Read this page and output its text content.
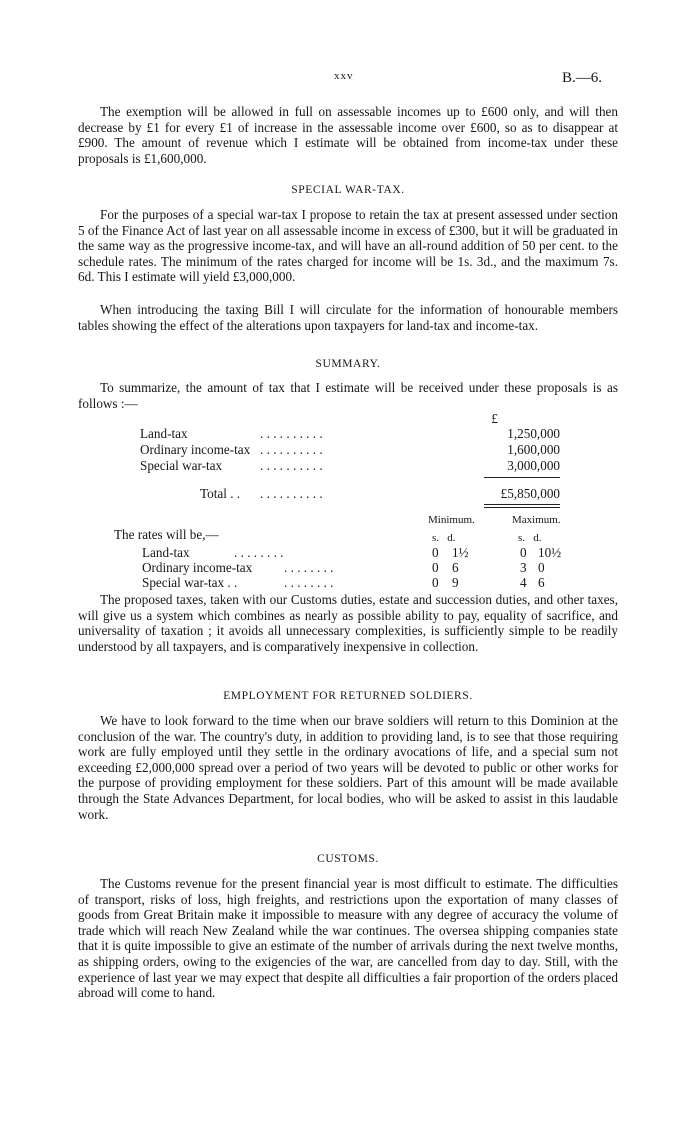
xxv	B.—6.

The exemption will be allowed in full on assessable incomes up to £600 only, and will then decrease by £1 for every £1 of increase in the assessable income over £600, so as to disappear at £900. The amount of revenue which I estimate will be obtained from income-tax under these proposals is £1,600,000.

SPECIAL WAR-TAX.

For the purposes of a special war-tax I propose to retain the tax at present assessed under section 5 of the Finance Act of last year on all assessable income in excess of £300, but it will be graduated in the same way as the progressive income-tax, and will have an all-round addition of 50 per cent. to the schedule rates. The minimum of the rates charged for income will be 1s. 3d., and the maximum 7s. 6d. This I estimate will yield £3,000,000.

When introducing the taxing Bill I will circulate for the information of honourable members tables showing the effect of the alterations upon taxpayers for land-tax and income-tax.

SUMMARY.

To summarize, the amount of tax that I estimate will be received under these proposals is as follows :—

£
Land-tax	. . . . . . . . . .	1,250,000
Ordinary income-tax . . . . . . . . . .	1,600,000
Special war-tax	. . . . . . . . . .	3,000,000
Total . . . . . . . . . . . .	£5,850,000
Minimum.	Maximum.
The rates will be,—	s.   d.	s.   d.
Land-tax	. . . . . . . .	0 1½	0 10½
Ordinary income-tax . . . . . . . .	0 6	3 0
Special war-tax . .	. . . . . . . .	0 9	4 6

The proposed taxes, taken with our Customs duties, estate and succession duties, and other taxes, will give us a system which combines as nearly as possible ability to pay, equality of sacrifice, and universality of taxation ; it avoids all unnecessary complexities, is sufficiently simple to be readily understood by all taxpayers, and is comparatively inexpensive in collection.

EMPLOYMENT FOR RETURNED SOLDIERS.

We have to look forward to the time when our brave soldiers will return to this Dominion at the conclusion of the war. The country's duty, in addition to providing land, is to see that those requiring work are fully employed until they settle in the ordinary avocations of life, and a special sum not exceeding £2,000,000 spread over a period of two years will be devoted to public or other works for the purpose of providing employment for these soldiers. Part of this amount will be made available through the State Advances Department, for local bodies, who will be asked to assist in this laudable work.

CUSTOMS.

The Customs revenue for the present financial year is most difficult to estimate. The difficulties of transport, risks of loss, high freights, and restrictions upon the exportation of many classes of goods from Great Britain make it impossible to measure with any degree of accuracy the volume of trade which will reach New Zealand while the war continues. The oversea shipping companies state that it is quite impossible to give an estimate of the number of arrivals during the next twelve months, as shipping orders, owing to the exigencies of the war, are cancelled from day to day. Still, with the experience of last year we may expect that despite all difficulties a fair proportion of the orders placed abroad will come to hand.
